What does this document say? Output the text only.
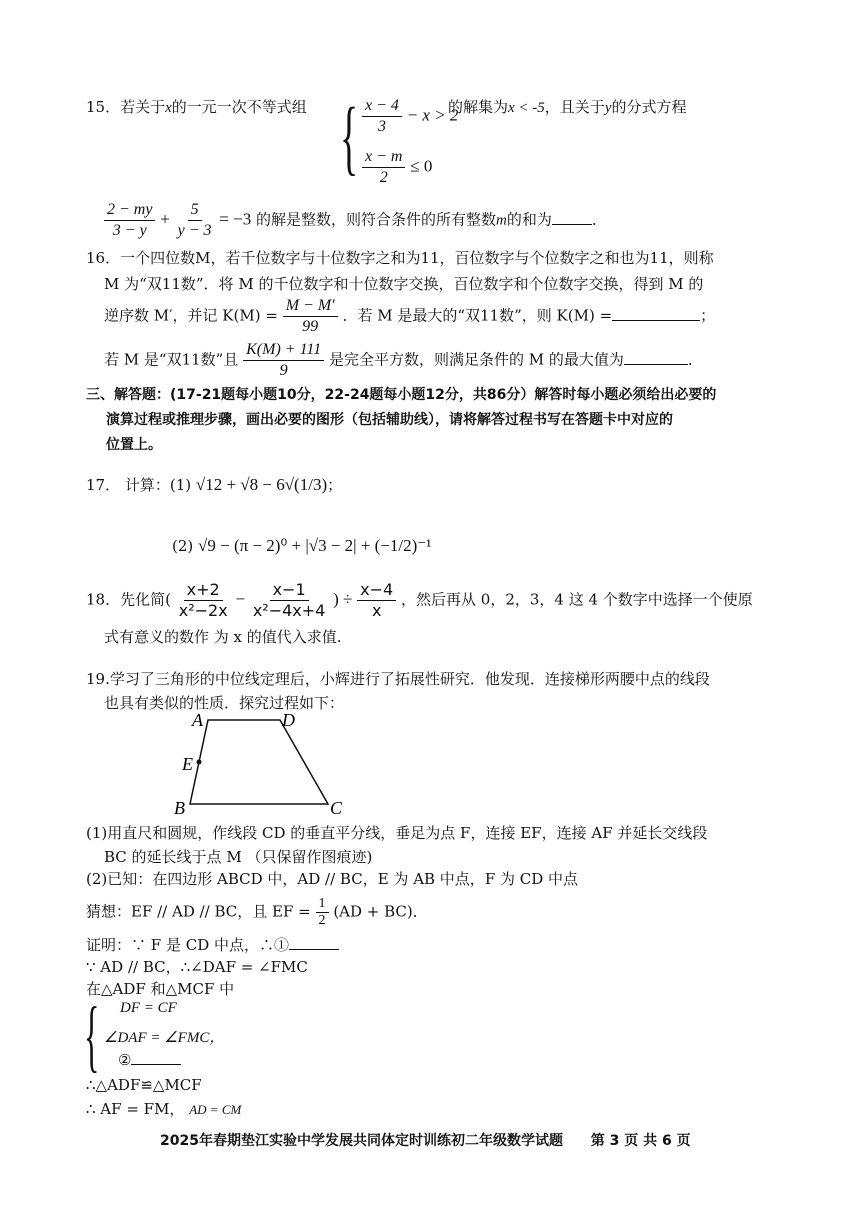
15．若关于x的一元一次不等式组 { $\frac{x - 4}{3} - x > 2$
$\frac{x - m}{2} \le 0$
的解集为x < -5，且关于y的分式方程
$\frac{2 - my}{3 - y} + \frac{5}{y - 3} = -3$ 的解是整数，则符合条件的所有整数m的和为	．
16．一个四位数M，若千位数字与十位数字之和为11，百位数字与个位数字之和也为11，则称
M 为“双11数”．将 M 的千位数字和十位数字交换，百位数字和个位数字交换，得到 M 的
逆序数 M′，并记 $K(M) = \frac{M - M'}{99}$ ．若 M 是最大的“双11数”，则 K(M) =	；
若 M 是“双11数”且 $\frac{K(M) + 111}{9}$ 是完全平方数，则满足条件的 M 的最大值为	．
三、解答题：(17-21题每小题10分，22-24题每小题12分，共86分）解答时每小题必须给出必要的
演算过程或推理步骤，画出必要的图形（包括辅助线），请将解答过程书写在答题卡中对应的
位置上。
17． 计算：(1) √12 + √8 − 6√(1/3)；
(2) √9 − (π − 2)⁰ + |√3 − 2| + (−1/2)⁻¹
18．先化简( $\frac{x+2}{\text{x²−2x}} - \frac{x-1}{\text{x²−4x+4}}$ ) ÷ $\frac{x-4}{x}$ ，然后再从 0，2，3，4 这 4 个数字中选择一个使原
式有意义的数作 为 x 的值代入求值.
19.学习了三角形的中位线定理后，小辉进行了拓展性研究．他发现．连接梯形两腰中点的线段
也具有类似的性质．探究过程如下：
A	D
E
B	C
(1)用直尺和圆规，作线段 CD 的垂直平分线，垂足为点 F，连接 EF，连接 AF 并延长交线段
BC 的延长线于点 M （只保留作图痕迹)
(2)已知：在四边形 ABCD 中，AD // BC，E 为 AB 中点，F 为 CD 中点
猜想：EF // AD // BC，且 EF = $\frac{1}{2} (AD + BC)$．
证明：∵ F 是 CD 中点，∴①
∵ AD // BC，∴∠DAF = ∠FMC
在△ADF 和△MCF 中
{ DF = CF
∠DAF = ∠FMC，
②
∴△ADF≌△MCF
∴ AF = FM， AD = CM
2025年春期垫江实验中学发展共同体定时训练初二年级数学试题 第 3 页 共 6 页
